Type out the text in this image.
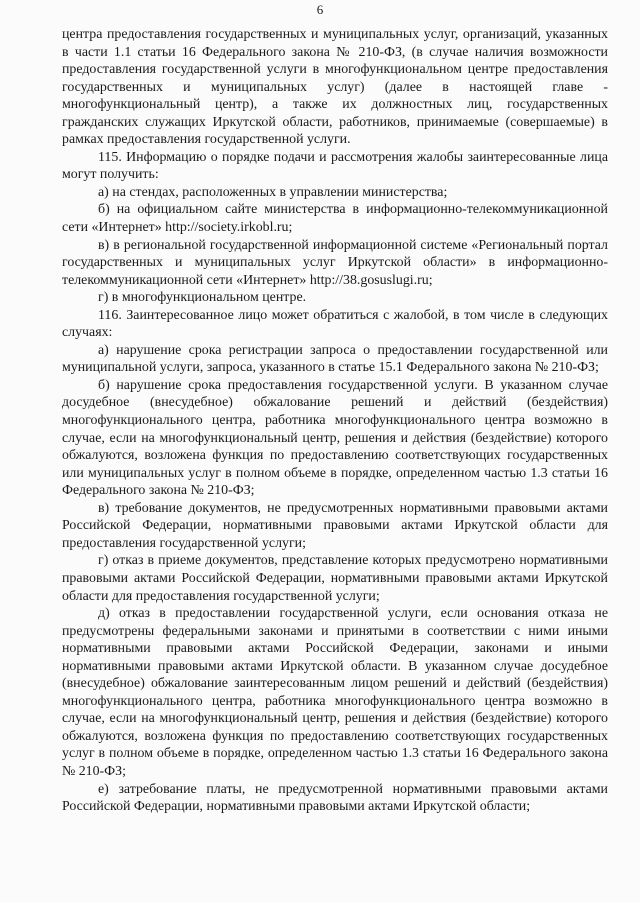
6

центра предоставления государственных и муниципальных услуг, организаций, указанных в части 1.1 статьи 16 Федерального закона № 210-ФЗ, (в случае наличия возможности предоставления государственной услуги в многофункциональном центре предоставления государственных и муниципальных услуг) (далее в настоящей главе - многофункциональный центр), а также их должностных лиц, государственных гражданских служащих Иркутской области, работников, принимаемые (совершаемые) в рамках предоставления государственной услуги.

115. Информацию о порядке подачи и рассмотрения жалобы заинтересованные лица могут получить:

а) на стендах, расположенных в управлении министерства;

б) на официальном сайте министерства в информационно-телекоммуникационной сети «Интернет» http://society.irkobl.ru;

в) в региональной государственной информационной системе «Региональный портал государственных и муниципальных услуг Иркутской области» в информационно-телекоммуникационной сети «Интернет» http://38.gosuslugi.ru;

г) в многофункциональном центре.

116. Заинтересованное лицо может обратиться с жалобой, в том числе в следующих случаях:

а) нарушение срока регистрации запроса о предоставлении государственной или муниципальной услуги, запроса, указанного в статье 15.1 Федерального закона № 210-ФЗ;

б) нарушение срока предоставления государственной услуги. В указанном случае досудебное (внесудебное) обжалование решений и действий (бездействия) многофункционального центра, работника многофункционального центра возможно в случае, если на многофункциональный центр, решения и действия (бездействие) которого обжалуются, возложена функция по предоставлению соответствующих государственных или муниципальных услуг в полном объеме в порядке, определенном частью 1.3 статьи 16 Федерального закона № 210-ФЗ;

в) требование документов, не предусмотренных нормативными правовыми актами Российской Федерации, нормативными правовыми актами Иркутской области для предоставления государственной услуги;

г) отказ в приеме документов, представление которых предусмотрено нормативными правовыми актами Российской Федерации, нормативными правовыми актами Иркутской области для предоставления государственной услуги;

д) отказ в предоставлении государственной услуги, если основания отказа не предусмотрены федеральными законами и принятыми в соответствии с ними иными нормативными правовыми актами Российской Федерации, законами и иными нормативными правовыми актами Иркутской области. В указанном случае досудебное (внесудебное) обжалование заинтересованным лицом решений и действий (бездействия) многофункционального центра, работника многофункционального центра возможно в случае, если на многофункциональный центр, решения и действия (бездействие) которого обжалуются, возложена функция по предоставлению соответствующих государственных услуг в полном объеме в порядке, определенном частью 1.3 статьи 16 Федерального закона № 210-ФЗ;

е) затребование платы, не предусмотренной нормативными правовыми актами Российской Федерации, нормативными правовыми актами Иркутской области;
